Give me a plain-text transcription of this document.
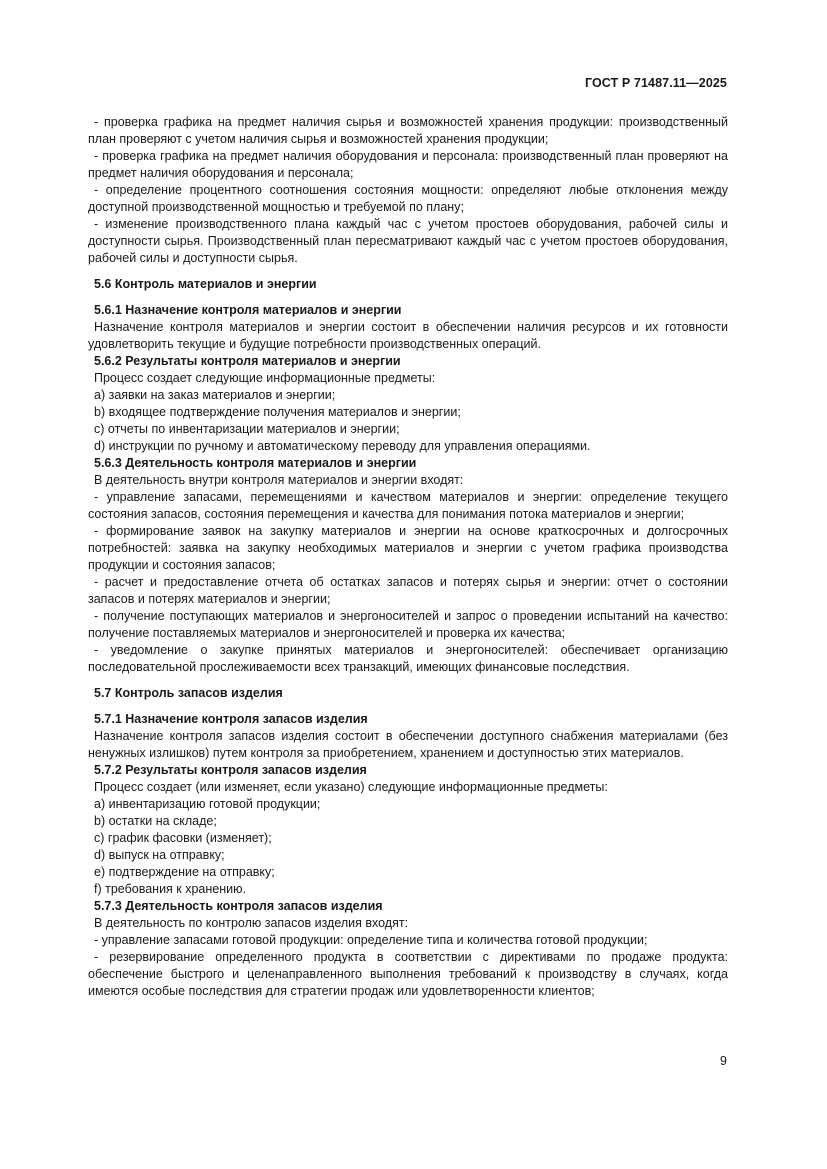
ГОСТ Р 71487.11—2025

- проверка графика на предмет наличия сырья и возможностей хранения продукции: производственный план проверяют с учетом наличия сырья и возможностей хранения продукции;

- проверка графика на предмет наличия оборудования и персонала: производственный план проверяют на предмет наличия оборудования и персонала;

- определение процентного соотношения состояния мощности: определяют любые отклонения между доступной производственной мощностью и требуемой по плану;

- изменение производственного плана каждый час с учетом простоев оборудования, рабочей силы и доступности сырья. Производственный план пересматривают каждый час с учетом простоев оборудования, рабочей силы и доступности сырья.

5.6 Контроль материалов и энергии

5.6.1 Назначение контроля материалов и энергии

Назначение контроля материалов и энергии состоит в обеспечении наличия ресурсов и их готовности удовлетворить текущие и будущие потребности производственных операций.

5.6.2 Результаты контроля материалов и энергии

Процесс создает следующие информационные предметы:

a) заявки на заказ материалов и энергии;

b) входящее подтверждение получения материалов и энергии;

c) отчеты по инвентаризации материалов и энергии;

d) инструкции по ручному и автоматическому переводу для управления операциями.

5.6.3 Деятельность контроля материалов и энергии

В деятельность внутри контроля материалов и энергии входят:

- управление запасами, перемещениями и качеством материалов и энергии: определение текущего состояния запасов, состояния перемещения и качества для понимания потока материалов и энергии;

- формирование заявок на закупку материалов и энергии на основе краткосрочных и долгосрочных потребностей: заявка на закупку необходимых материалов и энергии с учетом графика производства продукции и состояния запасов;

- расчет и предоставление отчета об остатках запасов и потерях сырья и энергии: отчет о состоянии запасов и потерях материалов и энергии;

- получение поступающих материалов и энергоносителей и запрос о проведении испытаний на качество: получение поставляемых материалов и энергоносителей и проверка их качества;

- уведомление о закупке принятых материалов и энергоносителей: обеспечивает организацию последовательной прослеживаемости всех транзакций, имеющих финансовые последствия.

5.7 Контроль запасов изделия

5.7.1 Назначение контроля запасов изделия

Назначение контроля запасов изделия состоит в обеспечении доступного снабжения материалами (без ненужных излишков) путем контроля за приобретением, хранением и доступностью этих материалов.

5.7.2 Результаты контроля запасов изделия

Процесс создает (или изменяет, если указано) следующие информационные предметы:

a) инвентаризацию готовой продукции;

b) остатки на складе;

c) график фасовки (изменяет);

d) выпуск на отправку;

e) подтверждение на отправку;

f) требования к хранению.

5.7.3 Деятельность контроля запасов изделия

В деятельность по контролю запасов изделия входят:

- управление запасами готовой продукции: определение типа и количества готовой продукции;

- резервирование определенного продукта в соответствии с директивами по продаже продукта: обеспечение быстрого и целенаправленного выполнения требований к производству в случаях, когда имеются особые последствия для стратегии продаж или удовлетворенности клиентов;

9
